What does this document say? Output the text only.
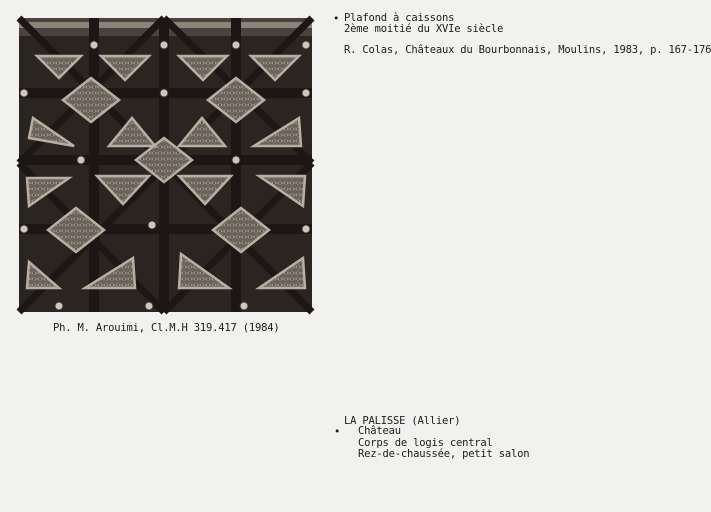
• Plafond à caissons
2ème moitié du XVIe siècle
R. Colas, Châteaux du Bourbonnais, Moulins, 1983, p. 167-176
Ph. M. Arouimi, Cl.M.H 319.417 (1984)
LA PALISSE (Allier)
• Château
Corps de logis central
Rez-de-chaussée, petit salon
